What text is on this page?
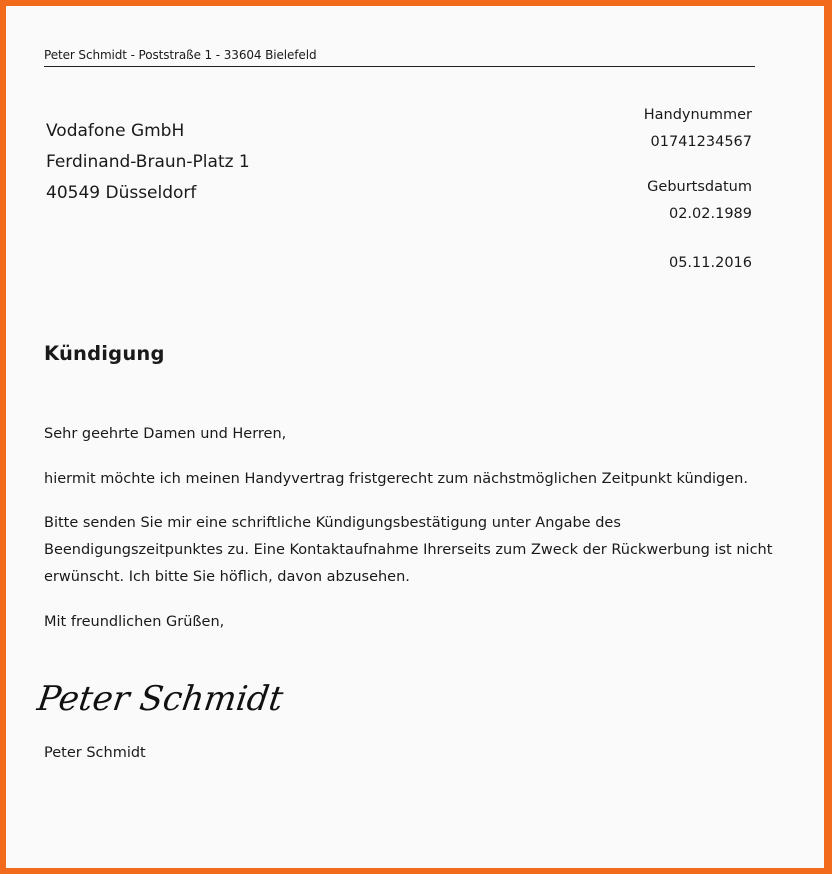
Peter Schmidt - Poststraße 1 - 33604 Bielefeld
Vodafone GmbH
Ferdinand-Braun-Platz 1
40549 Düsseldorf
Handynummer
01741234567
Geburtsdatum
02.02.1989
05.11.2016
Kündigung
Sehr geehrte Damen und Herren,
hiermit möchte ich meinen Handyvertrag fristgerecht zum nächstmöglichen Zeitpunkt kündigen.
Bitte senden Sie mir eine schriftliche Kündigungsbestätigung unter Angabe des Beendigungszeitpunktes zu. Eine Kontaktaufnahme Ihrerseits zum Zweck der Rückwerbung ist nicht erwünscht. Ich bitte Sie höflich, davon abzusehen.
Mit freundlichen Grüßen,
Peter Schmidt
Peter Schmidt
